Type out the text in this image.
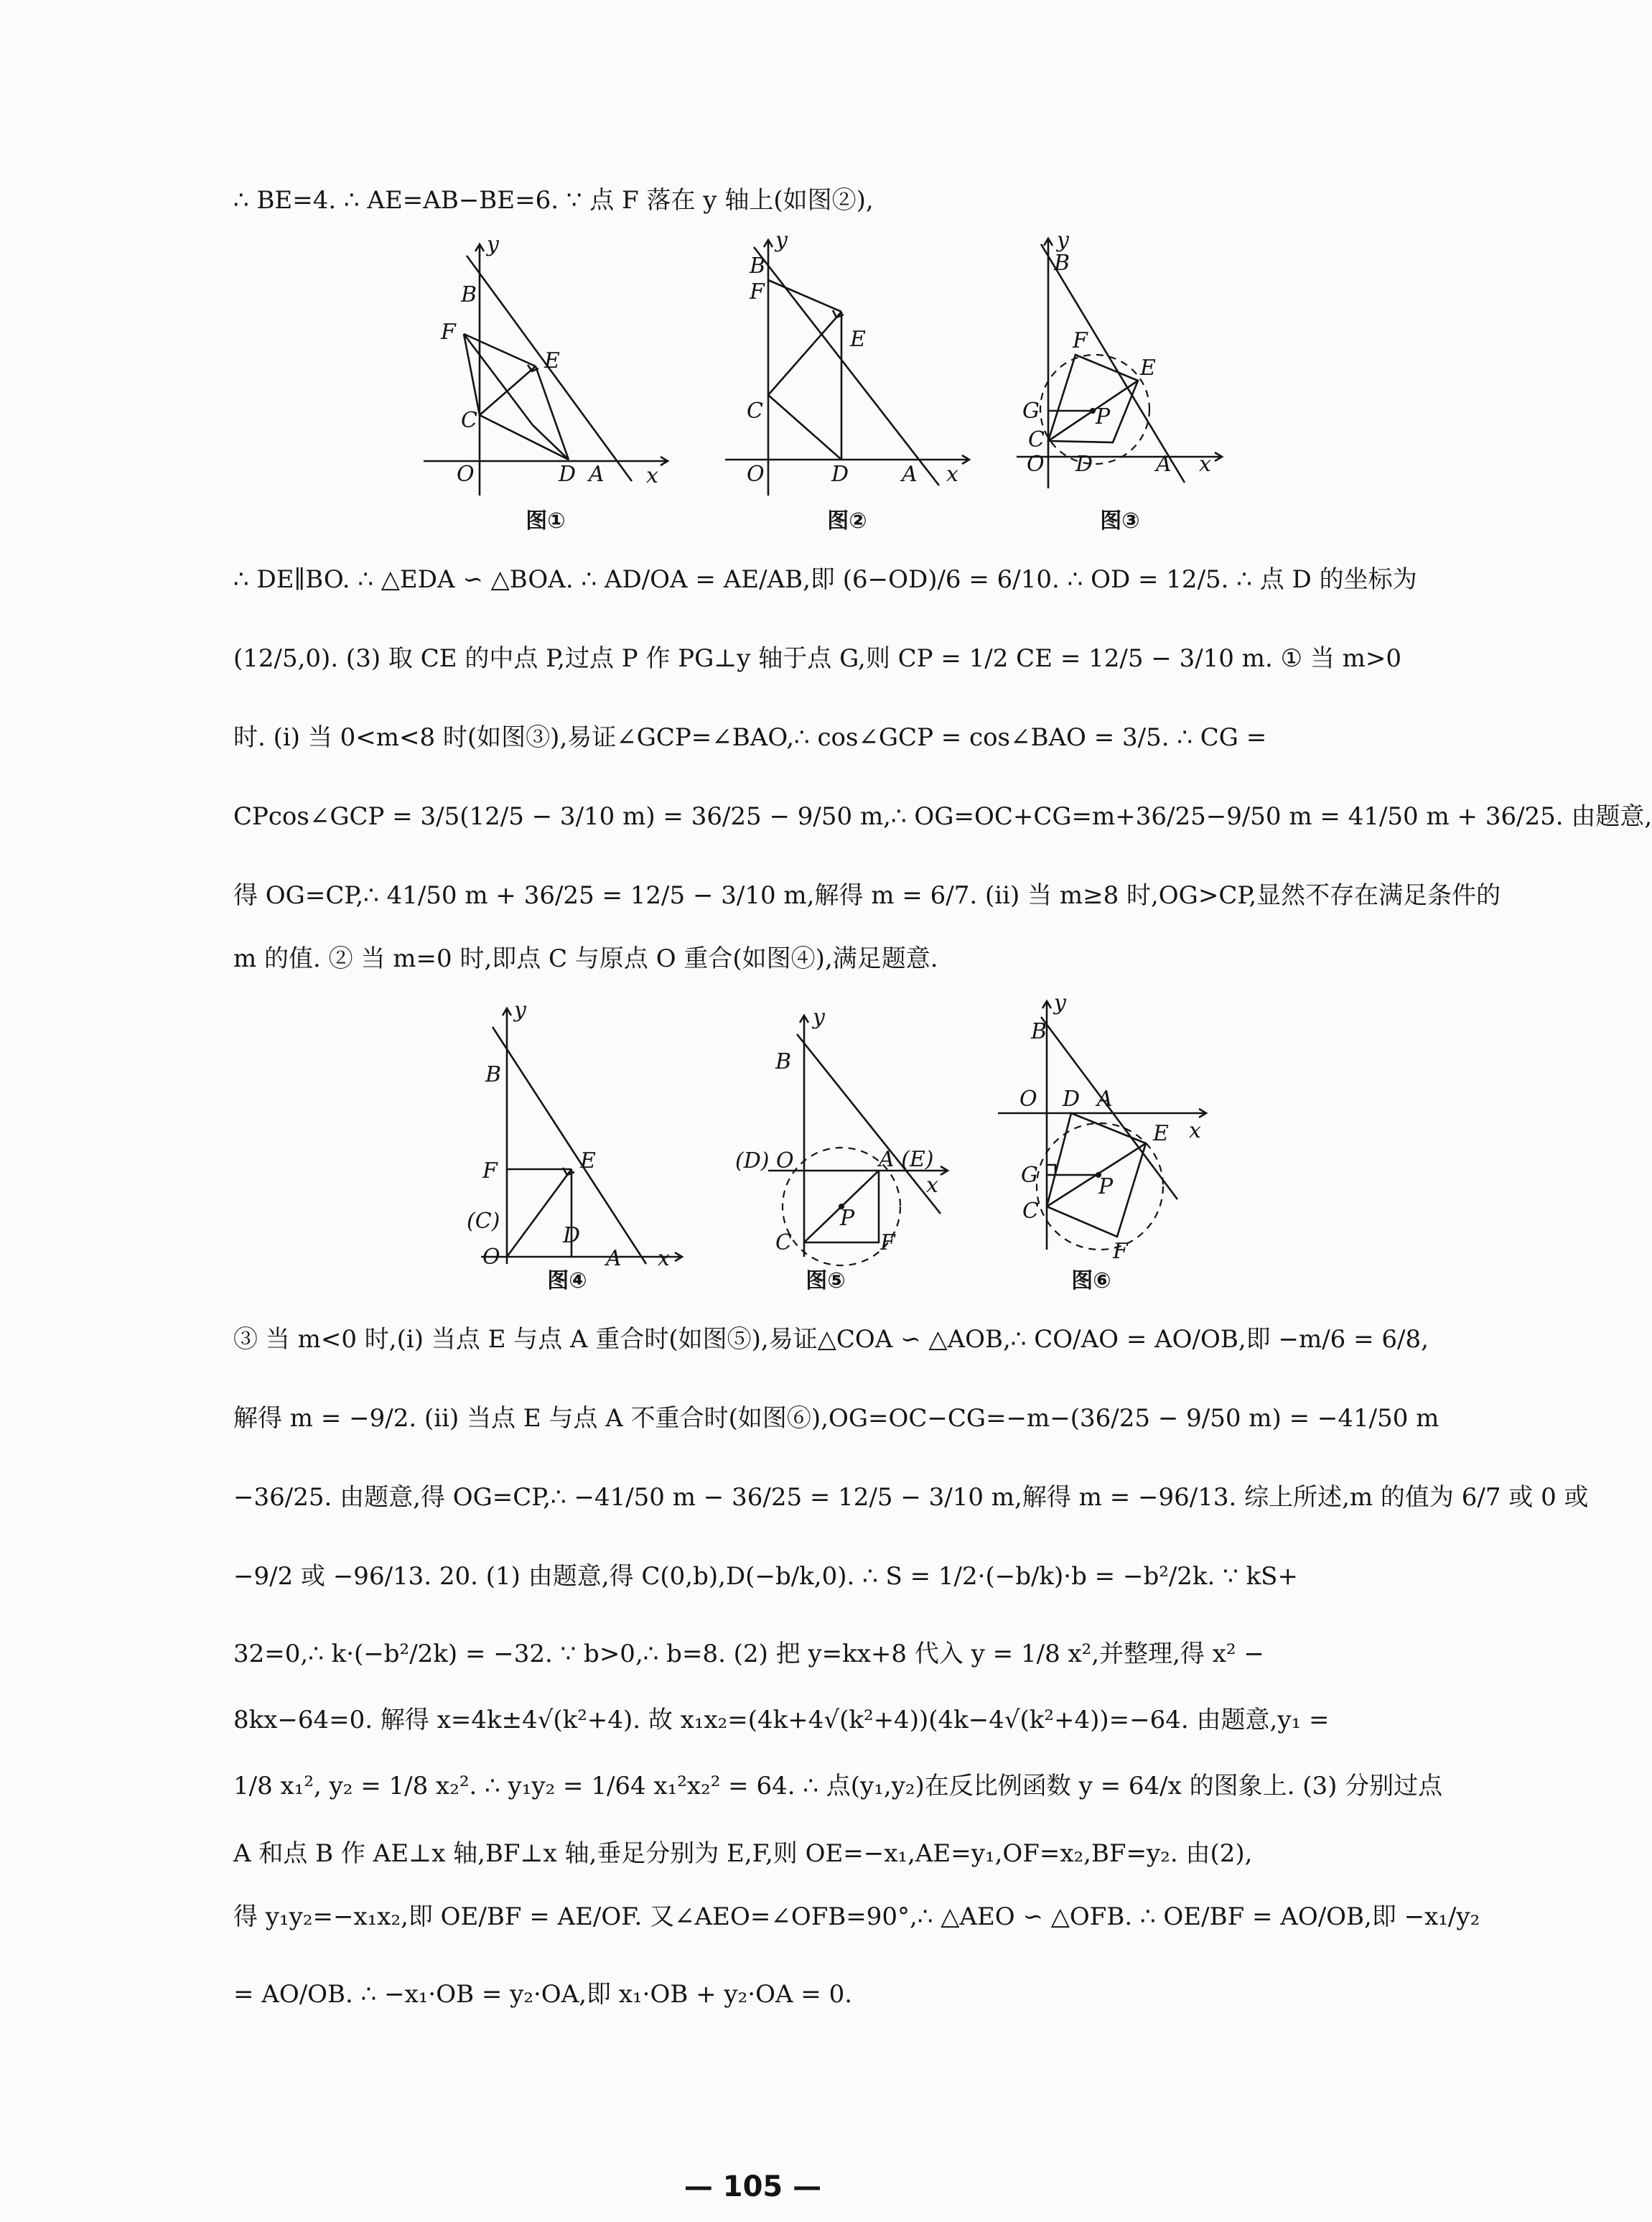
∴ BE=4. ∴ AE=AB−BE=6. ∵ 点 F 落在 y 轴上(如图②),
∴ DE∥BO. ∴ △EDA ∽ △BOA. ∴ AD/OA = AE/AB,即 (6−OD)/6 = 6/10. ∴ OD = 12/5. ∴ 点 D 的坐标为
(12/5,0). (3) 取 CE 的中点 P,过点 P 作 PG⊥y 轴于点 G,则 CP = 1/2 CE = 12/5 − 3/10 m. ① 当 m>0
时. (i) 当 0<m<8 时(如图③),易证∠GCP=∠BAO,∴ cos∠GCP = cos∠BAO = 3/5. ∴ CG =
CPcos∠GCP = 3/5(12/5 − 3/10 m) = 36/25 − 9/50 m,∴ OG=OC+CG=m+36/25−9/50 m = 41/50 m + 36/25. 由题意,
得 OG=CP,∴ 41/50 m + 36/25 = 12/5 − 3/10 m,解得 m = 6/7. (ii) 当 m≥8 时,OG>CP,显然不存在满足条件的
m 的值. ② 当 m=0 时,即点 C 与原点 O 重合(如图④),满足题意.
③ 当 m<0 时,(i) 当点 E 与点 A 重合时(如图⑤),易证△COA ∽ △AOB,∴ CO/AO = AO/OB,即 −m/6 = 6/8,
解得 m = −9/2. (ii) 当点 E 与点 A 不重合时(如图⑥),OG=OC−CG=−m−(36/25 − 9/50 m) = −41/50 m
−36/25. 由题意,得 OG=CP,∴ −41/50 m − 36/25 = 12/5 − 3/10 m,解得 m = −96/13. 综上所述,m 的值为 6/7 或 0 或
−9/2 或 −96/13. 20. (1) 由题意,得 C(0,b),D(−b/k,0). ∴ S = 1/2·(−b/k)·b = −b²/2k. ∵ kS+
32=0,∴ k·(−b²/2k) = −32. ∵ b>0,∴ b=8. (2) 把 y=kx+8 代入 y = 1/8 x²,并整理,得 x² −
8kx−64=0. 解得 x=4k±4√(k²+4). 故 x₁x₂=(4k+4√(k²+4))(4k−4√(k²+4))=−64. 由题意,y₁ =
1/8 x₁², y₂ = 1/8 x₂². ∴ y₁y₂ = 1/64 x₁²x₂² = 64. ∴ 点(y₁,y₂)在反比例函数 y = 64/x 的图象上. (3) 分别过点
A 和点 B 作 AE⊥x 轴,BF⊥x 轴,垂足分别为 E,F,则 OE=−x₁,AE=y₁,OF=x₂,BF=y₂. 由(2),
得 y₁y₂=−x₁x₂,即 OE/BF = AE/OF. 又∠AEO=∠OFB=90°,∴ △AEO ∽ △OFB. ∴ OE/BF = AO/OB,即 −x₁/y₂
= AO/OB. ∴ −x₁·OB = y₂·OA,即 x₁·OB + y₂·OA = 0.
y
B
F
E
C
O	D A x
图①
y
B
F
E
C
O	D A x
图②
y
B
F
E
G
C
P
O D	A x
图③
y
B
F	E
(C)
O
D
A x
图④
y
B
(D) O	A (E)
x
P
C	F
图⑤
y
B
O D A
E x
G	P
C
F
图⑥
— 105 —
